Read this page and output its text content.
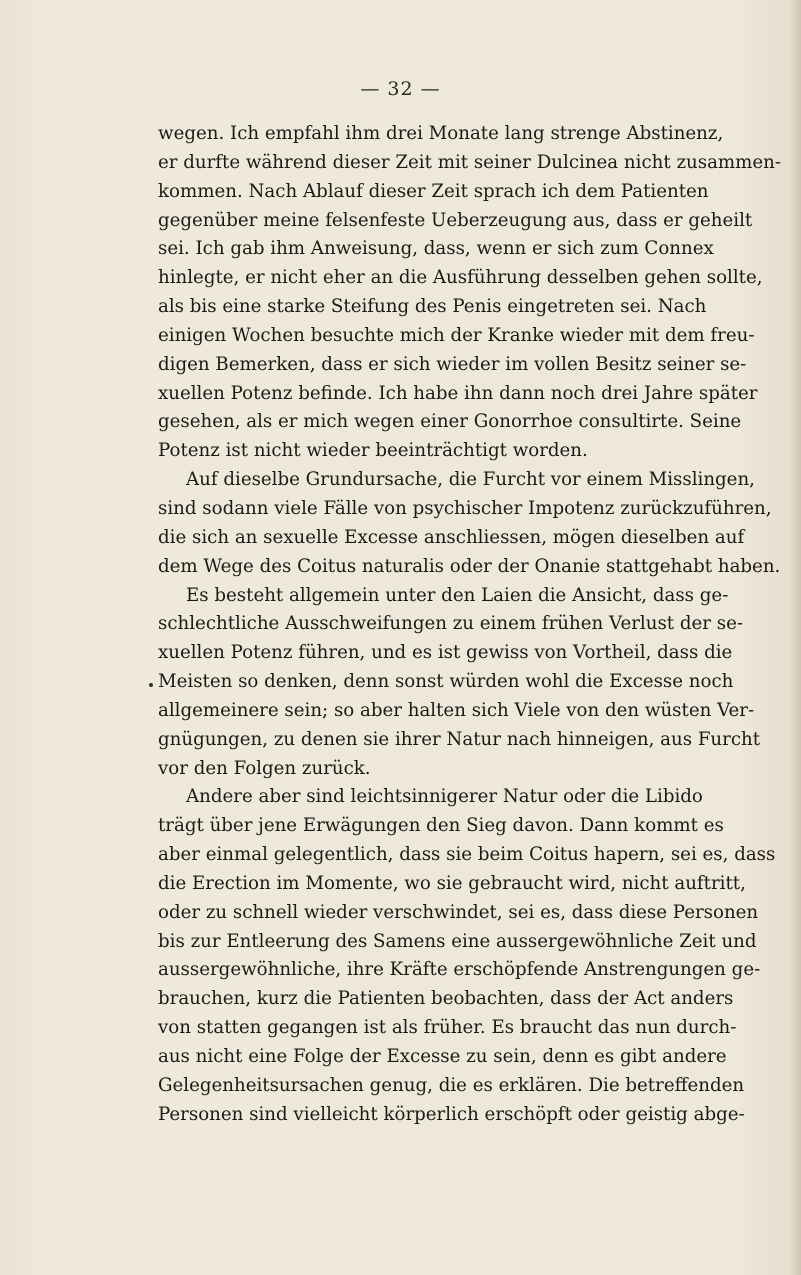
— 32 —
wegen. Ich empfahl ihm drei Monate lang strenge Abstinenz,
er durfte während dieser Zeit mit seiner Dulcinea nicht zusammen-
kommen. Nach Ablauf dieser Zeit sprach ich dem Patienten
gegenüber meine felsenfeste Ueberzeugung aus, dass er geheilt
sei. Ich gab ihm Anweisung, dass, wenn er sich zum Connex
hinlegte, er nicht eher an die Ausführung desselben gehen sollte,
als bis eine starke Steifung des Penis eingetreten sei. Nach
einigen Wochen besuchte mich der Kranke wieder mit dem freu-
digen Bemerken, dass er sich wieder im vollen Besitz seiner se-
xuellen Potenz befinde. Ich habe ihn dann noch drei Jahre später
gesehen, als er mich wegen einer Gonorrhoe consultirte. Seine
Potenz ist nicht wieder beeinträchtigt worden.
Auf dieselbe Grundursache, die Furcht vor einem Misslingen,
sind sodann viele Fälle von psychischer Impotenz zurückzuführen,
die sich an sexuelle Excesse anschliessen, mögen dieselben auf
dem Wege des Coitus naturalis oder der Onanie stattgehabt haben.
Es besteht allgemein unter den Laien die Ansicht, dass ge-
schlechtliche Ausschweifungen zu einem frühen Verlust der se-
xuellen Potenz führen, und es ist gewiss von Vortheil, dass die
Meisten so denken, denn sonst würden wohl die Excesse noch
allgemeinere sein; so aber halten sich Viele von den wüsten Ver-
gnügungen, zu denen sie ihrer Natur nach hinneigen, aus Furcht
vor den Folgen zurück.
Andere aber sind leichtsinnigerer Natur oder die Libido
trägt über jene Erwägungen den Sieg davon. Dann kommt es
aber einmal gelegentlich, dass sie beim Coitus hapern, sei es, dass
die Erection im Momente, wo sie gebraucht wird, nicht auftritt,
oder zu schnell wieder verschwindet, sei es, dass diese Personen
bis zur Entleerung des Samens eine aussergewöhnliche Zeit und
aussergewöhnliche, ihre Kräfte erschöpfende Anstrengungen ge-
brauchen, kurz die Patienten beobachten, dass der Act anders
von statten gegangen ist als früher. Es braucht das nun durch-
aus nicht eine Folge der Excesse zu sein, denn es gibt andere
Gelegenheitsursachen genug, die es erklären. Die betreffenden
Personen sind vielleicht körperlich erschöpft oder geistig abge-
